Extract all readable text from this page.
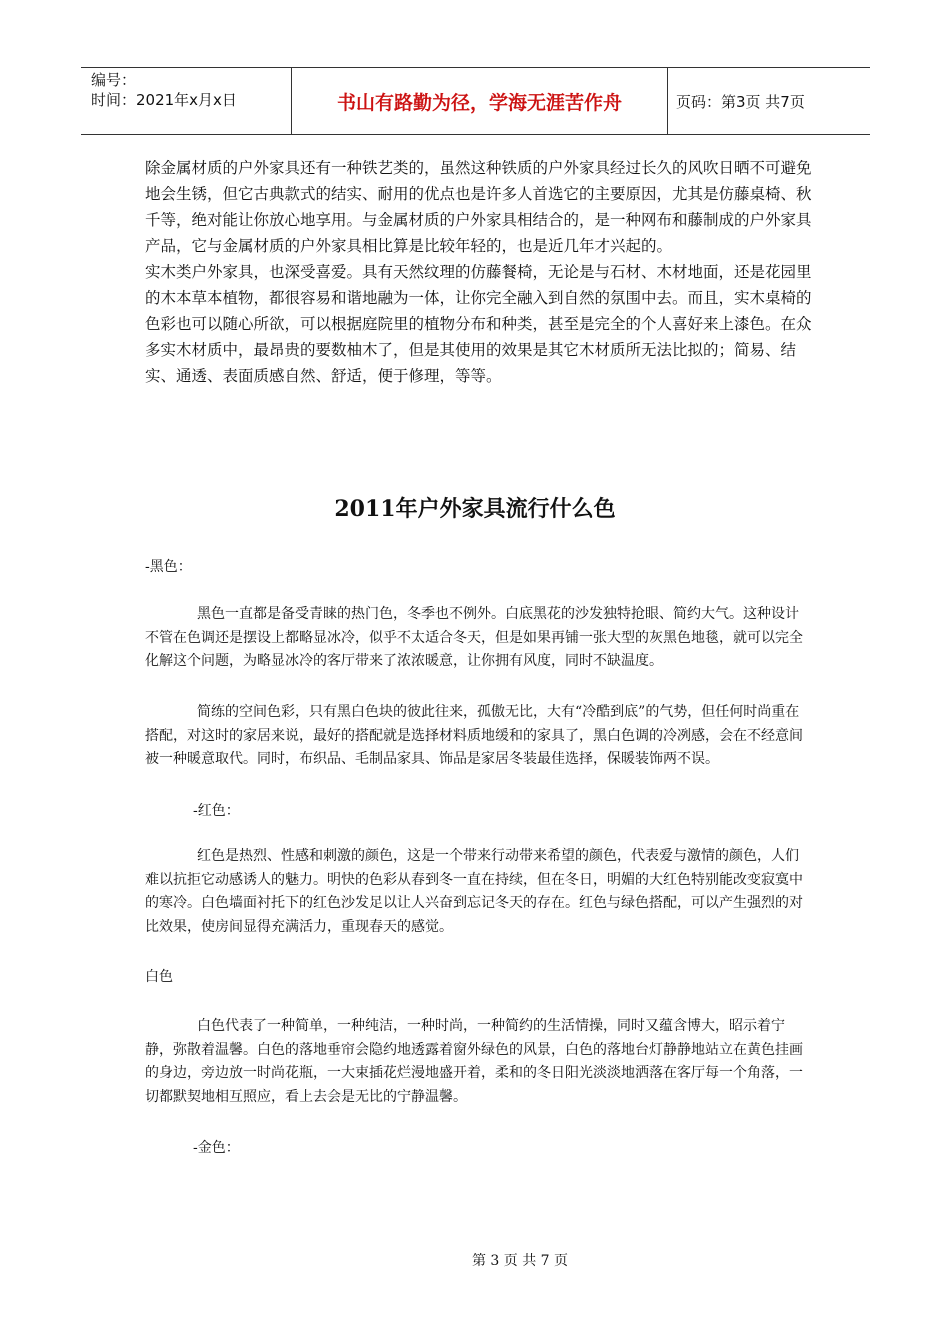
编号：
时间：2021年x月x日	书山有路勤为径，学海无涯苦作舟	页码：第3页 共7页

除金属材质的户外家具还有一种铁艺类的，虽然这种铁质的户外家具经过长久的风吹日晒不可避免地会生锈，但它古典款式的结实、耐用的优点也是许多人首选它的主要原因，尤其是仿藤桌椅、秋千等，绝对能让你放心地享用。与金属材质的户外家具相结合的，是一种网布和藤制成的户外家具产品，它与金属材质的户外家具相比算是比较年轻的，也是近几年才兴起的。

实木类户外家具，也深受喜爱。具有天然纹理的仿藤餐椅，无论是与石材、木材地面，还是花园里的木本草本植物，都很容易和谐地融为一体，让你完全融入到自然的氛围中去。而且，实木桌椅的色彩也可以随心所欲，可以根据庭院里的植物分布和种类，甚至是完全的个人喜好来上漆色。在众多实木材质中，最昂贵的要数柚木了，但是其使用的效果是其它木材质所无法比拟的；简易、结实、通透、表面质感自然、舒适，便于修理，等等。

2011年户外家具流行什么色

-黑色：

黑色一直都是备受青睐的热门色，冬季也不例外。白底黑花的沙发独特抢眼、简约大气。这种设计不管在色调还是摆设上都略显冰冷，似乎不太适合冬天，但是如果再铺一张大型的灰黑色地毯，就可以完全化解这个问题，为略显冰冷的客厅带来了浓浓暖意，让你拥有风度，同时不缺温度。

简练的空间色彩，只有黑白色块的彼此往来，孤傲无比，大有“冷酷到底”的气势，但任何时尚重在搭配，对这时的家居来说，最好的搭配就是选择材料质地缓和的家具了，黑白色调的冷冽感，会在不经意间被一种暖意取代。同时，布织品、毛制品家具、饰品是家居冬装最佳选择，保暖装饰两不误。

-红色：

红色是热烈、性感和刺激的颜色，这是一个带来行动带来希望的颜色，代表爱与激情的颜色，人们难以抗拒它动感诱人的魅力。明快的色彩从春到冬一直在持续，但在冬日，明媚的大红色特别能改变寂寞中的寒冷。白色墙面衬托下的红色沙发足以让人兴奋到忘记冬天的存在。红色与绿色搭配，可以产生强烈的对比效果，使房间显得充满活力，重现春天的感觉。

白色

白色代表了一种简单，一种纯洁，一种时尚，一种简约的生活情操，同时又蕴含博大，昭示着宁静，弥散着温馨。白色的落地垂帘会隐约地透露着窗外绿色的风景，白色的落地台灯静静地站立在黄色挂画的身边，旁边放一时尚花瓶，一大束插花烂漫地盛开着，柔和的冬日阳光淡淡地洒落在客厅每一个角落，一切都默契地相互照应，看上去会是无比的宁静温馨。

-金色：

第 3 页 共 7 页
